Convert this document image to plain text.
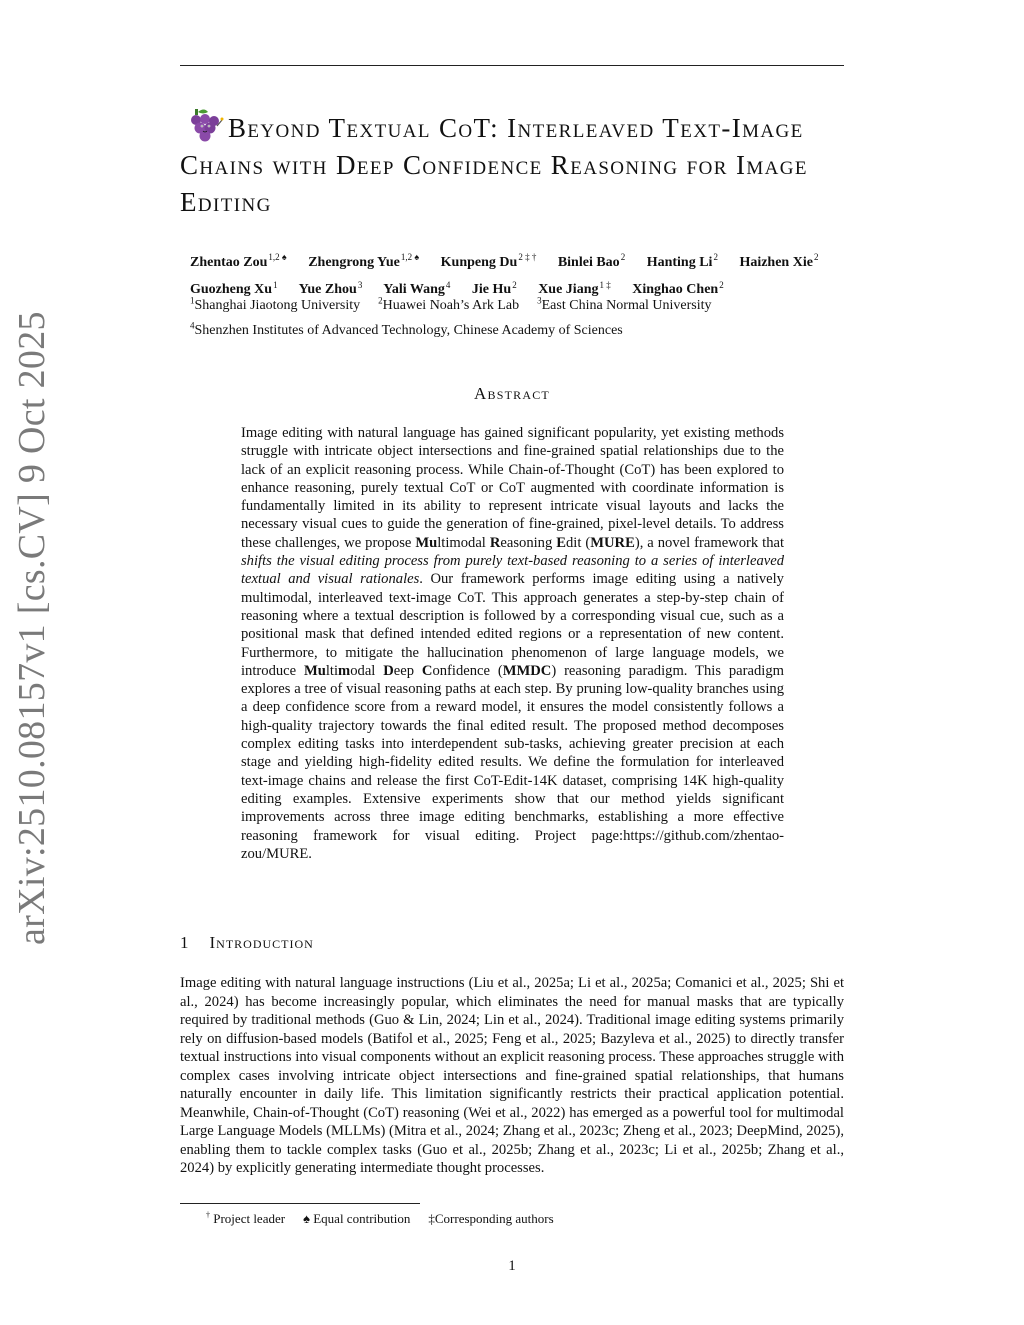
arXiv:2510.08157v1 [cs.CV] 9 Oct 2025
Beyond Textual CoT: Interleaved Text-Image Chains with Deep Confidence Reasoning for Image Editing
Zhentao Zou$^{1,2 ♠}$ Zhengrong Yue$^{1,2 ♠}$ Kunpeng $Du^{2 \ddagger \dagger}$ Binlei Bao$^2$ Hanting Li$^2$ Haizhen Xie$^2$
Guozheng Xu$^1$ Yue Zhou$^3$ Yali Wang$^4$ Jie Hu$^2$ Xue Jiang$^{1 \ddagger}$ Xinghao Chen$^2$
$^1$Shanghai Jiaotong University $^2$Huawei Noah’s Ark Lab $^3$East China Normal University
$^4$Shenzhen Institutes of Advanced Technology, Chinese Academy of Sciences
Abstract

Image editing with natural language has gained significant popularity, yet existing methods struggle with intricate object intersections and fine-grained spatial relationships due to the lack of an explicit reasoning process. While Chain-of-Thought (CoT) has been explored to enhance reasoning, purely textual CoT or CoT augmented with coordinate information is fundamentally limited in its ability to represent intricate visual layouts and lacks the necessary visual cues to guide the generation of fine-grained, pixel-level details. To address these challenges, we propose Multimodal Reasoning Edit (MURE), a novel framework that shifts the visual editing process from purely text-based reasoning to a series of interleaved textual and visual rationales. Our framework performs image editing using a natively multimodal, interleaved text-image CoT. This approach generates a step-by-step chain of reasoning where a textual description is followed by a corresponding visual cue, such as a positional mask that defined intended edited regions or a representation of new content. Furthermore, to mitigate the hallucination phenomenon of large language models, we introduce Multimodal Deep Confidence (MMDC) reasoning paradigm. This paradigm explores a tree of visual reasoning paths at each step. By pruning low-quality branches using a deep confidence score from a reward model, it ensures the model consistently follows a high-quality trajectory towards the final edited result. The proposed method decomposes complex editing tasks into interdependent sub-tasks, achieving greater precision at each stage and yielding high-fidelity edited results. We define the formulation for interleaved text-image chains and release the first CoT-Edit-14K dataset, comprising 14K high-quality editing examples. Extensive experiments show that our method yields significant improvements across three image editing benchmarks, establishing a more effective reasoning framework for visual editing. Project page:https://github.com/zhentao-zou/MURE.

1 Introduction

Image editing with natural language instructions (Liu et al., 2025a; Li et al., 2025a; Comanici et al., 2025; Shi et al., 2024) has become increasingly popular, which eliminates the need for manual masks that are typically required by traditional methods (Guo & Lin, 2024; Lin et al., 2024). Traditional image editing systems primarily rely on diffusion-based models (Batifol et al., 2025; Feng et al., 2025; Bazyleva et al., 2025) to directly transfer textual instructions into visual components without an explicit reasoning process. These approaches struggle with complex cases involving intricate object intersections and fine-grained spatial relationships, that humans naturally encounter in daily life. This limitation significantly restricts their practical application potential. Meanwhile, Chain-of-Thought (CoT) reasoning (Wei et al., 2022) has emerged as a powerful tool for multimodal Large Language Models (MLLMs) (Mitra et al., 2024; Zhang et al., 2023c; Zheng et al., 2023; DeepMind, 2025), enabling them to tackle complex tasks (Guo et al., 2025b; Zhang et al., 2023c; Li et al., 2025b; Zhang et al., 2024) by explicitly generating intermediate thought processes.

† Project leader ♠ Equal contribution ‡Corresponding authors
1
